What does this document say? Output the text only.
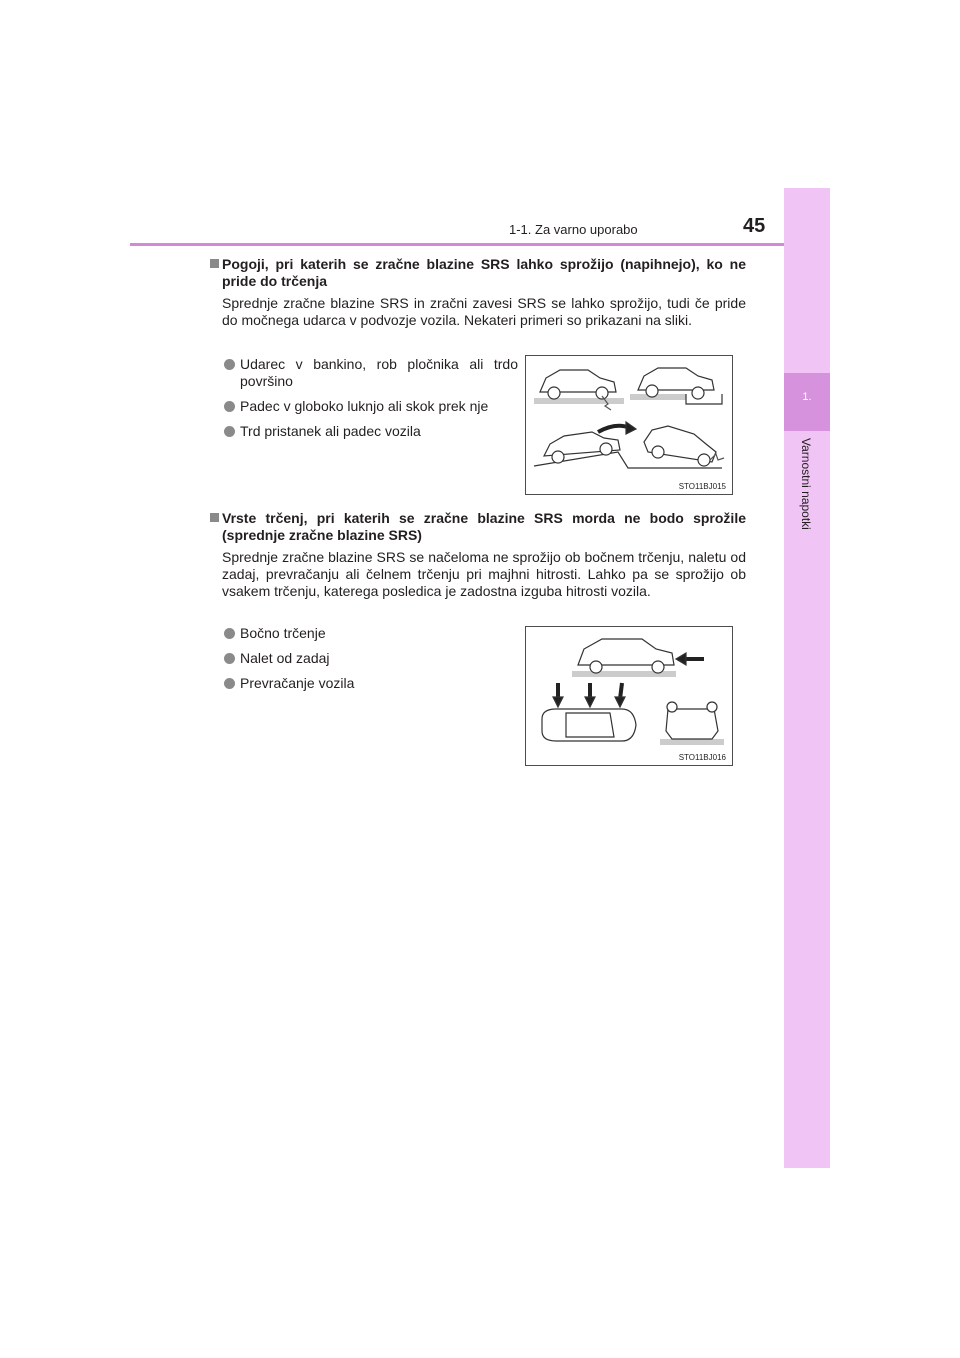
1-1. Za varno uporabo	45
1.
Varnostni napotki
Pogoji, pri katerih se zračne blazine SRS lahko sprožijo (napihnejo), ko ne pride do trčenja
Sprednje zračne blazine SRS in zračni zavesi SRS se lahko sprožijo, tudi če pride do močnega udarca v podvozje vozila. Nekateri primeri so prikazani na sliki.
Udarec v bankino, rob pločnika ali trdo površino
Padec v globoko luknjo ali skok prek nje
Trd pristanek ali padec vozila
STO11BJ015
Vrste trčenj, pri katerih se zračne blazine SRS morda ne bodo sprožile (sprednje zračne blazine SRS)
Sprednje zračne blazine SRS se načeloma ne sprožijo ob bočnem trčenju, naletu od zadaj, prevračanju ali čelnem trčenju pri majhni hitrosti. Lahko pa se sprožijo ob vsakem trčenju, katerega posledica je zadostna izguba hitrosti vozila.
Bočno trčenje
Nalet od zadaj
Prevračanje vozila
STO11BJ016
